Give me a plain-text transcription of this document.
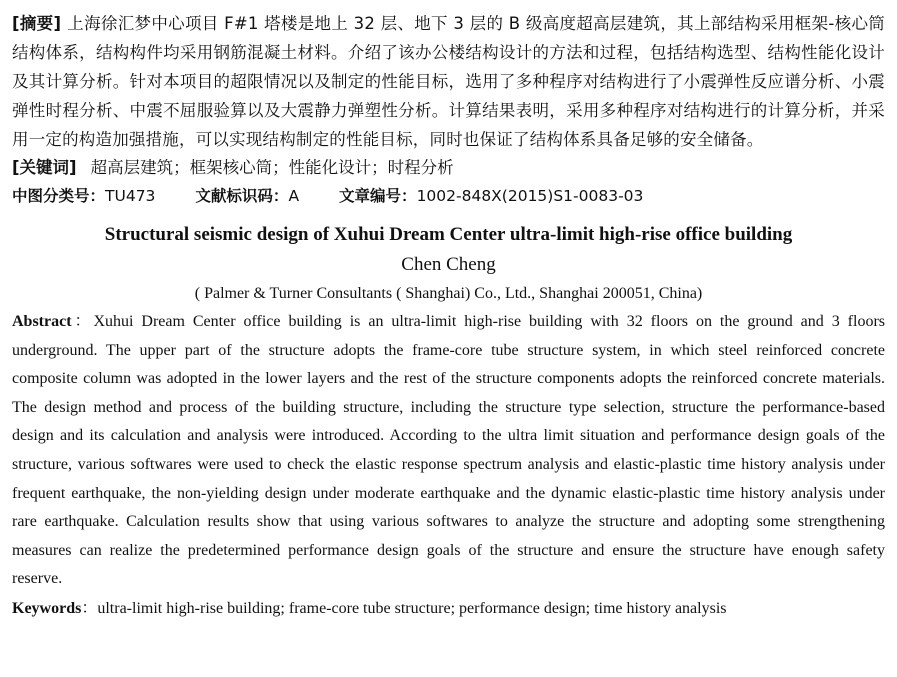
[摘要] 上海徐汇梦中心项目 F#1 塔楼是地上 32 层、地下 3 层的 B 级高度超高层建筑，其上部结构采用框架-核心筒结构体系，结构构件均采用钢筋混凝土材料。介绍了该办公楼结构设计的方法和过程，包括结构选型、结构性能化设计及其计算分析。针对本项目的超限情况以及制定的性能目标，选用了多种程序对结构进行了小震弹性反应谱分析、小震弹性时程分析、中震不屈服验算以及大震静力弹塑性分析。计算结果表明，采用多种程序对结构进行的计算分析，并采用一定的构造加强措施，可以实现结构制定的性能目标，同时也保证了结构体系具备足够的安全储备。

[关键词] 超高层建筑；框架核心筒；性能化设计；时程分析

中图分类号：TU473	文献标识码：A	文章编号：1002-848X(2015)S1-0083-03

Structural seismic design of Xuhui Dream Center ultra-limit high-rise office building

Chen Cheng

( Palmer & Turner Consultants ( Shanghai) Co., Ltd., Shanghai 200051, China)

Abstract：Xuhui Dream Center office building is an ultra-limit high-rise building with 32 floors on the ground and 3 floors underground. The upper part of the structure adopts the frame-core tube structure system, in which steel reinforced concrete composite column was adopted in the lower layers and the rest of the structure components adopts the reinforced concrete materials. The design method and process of the building structure, including the structure type selection, structure the performance-based design and its calculation and analysis were introduced. According to the ultra limit situation and performance design goals of the structure, various softwares were used to check the elastic response spectrum analysis and elastic-plastic time history analysis under frequent earthquake, the non-yielding design under moderate earthquake and the dynamic elastic-plastic time history analysis under rare earthquake. Calculation results show that using various softwares to analyze the structure and adopting some strengthening measures can realize the predetermined performance design goals of the structure and ensure the structure have enough safety reserve.

Keywords：ultra-limit high-rise building; frame-core tube structure; performance design; time history analysis
